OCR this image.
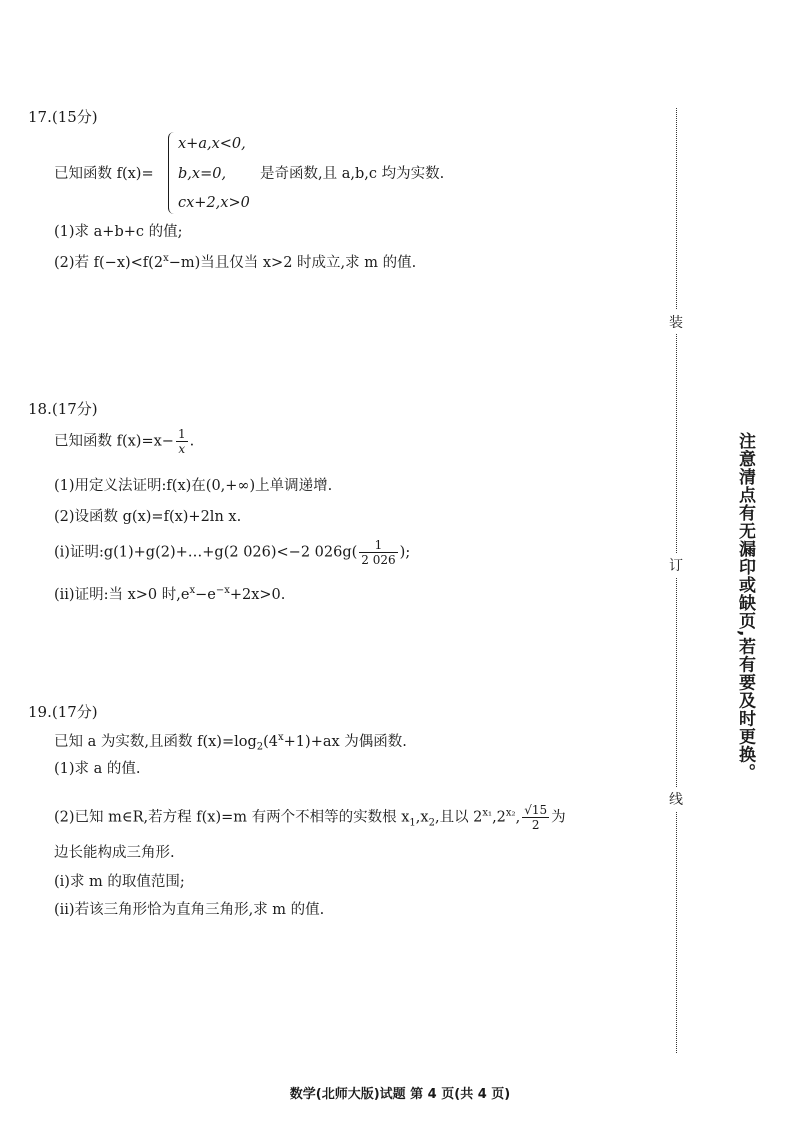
17.(15分)
已知函数 f(x)=
x+a,x<0,
b,x=0,
cx+2,x>0
是奇函数,且 a,b,c 均为实数.
(1)求 a+b+c 的值;
(2)若 $f(-x)<f(2^x-m)$当且仅当 x>2 时成立,求 m 的值.
18.(17分)
已知函数 $f(x)=x- \frac{1}{x}$ .
(1)用定义法证明:f(x)在(0,+∞)上单调递增.
(2)设函数 g(x)=f(x)+2ln x.
(ⅰ)证明:g(1)+g(2)+…+g(2 026)<−2 $026g( \frac{1}{2 026}$ );
(ⅱ)证明:当 x>0 时$,e^x-e^{-x}+2x>0$.
19.(17分)
已知 a 为实数,且函数 $f(x)=\log_2(4^x+1)+ax$ 为偶函数.
(1)求 a 的值.
(2)已知 m∈R,若方程 f(x)=m 有两个不相等的实数根 $x_1,x_2$,且以 $2^{x_1},2^{x_2}$, $\frac{√15}{2}$ 为
边长能构成三角形.
(ⅰ)求 m 的取值范围;
(ⅱ)若该三角形恰为直角三角形,求 m 的值.
装
订
线
注意清点有无漏印或缺页,若有要及时更换。
数学(北师大版)试题 第 4 页(共 4 页)
